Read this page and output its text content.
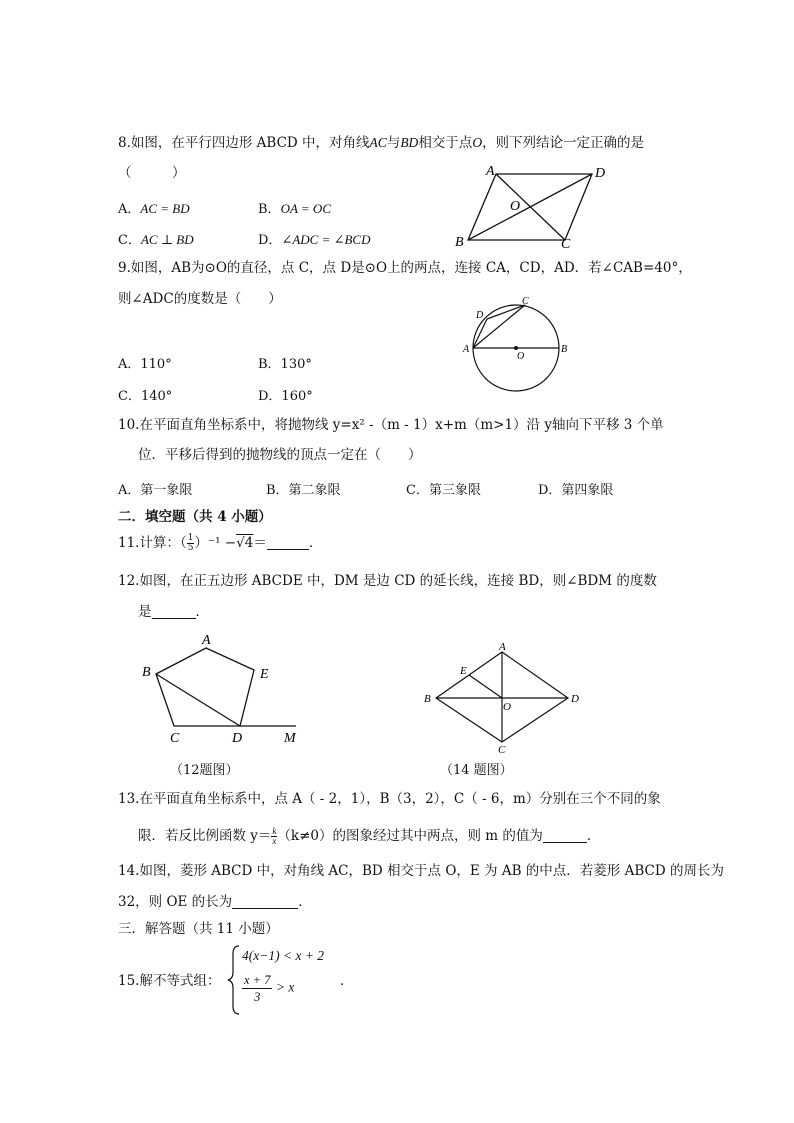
8.如图，在平行四边形 ABCD 中，对角线AC与BD相交于点O，则下列结论一定正确的是
（　　　）
A．AC = BD	B．OA = OC
C．AC ⊥ BD	D．∠ADC = ∠BCD
A	D
B	C
O
9.如图，AB为⊙O的直径，点 C，点 D是⊙O上的两点，连接 CA，CD，AD．若∠CAB=40°，
则∠ADC的度数是（　　）
A	B
C
D
O
A．110°	B．130°
C．140°	D．160°
10.在平面直角坐标系中，将抛物线 y=x² -（m - 1）x+m（m>1）沿 y轴向下平移 3 个单
位．平移后得到的抛物线的顶点一定在（　　）
A．第一象限	B．第二象限	C．第三象限	D．第四象限
二．填空题（共 4 小题）
11.计算：（ $\frac{1}{5} )^{-1} -√4=$	．
12.如图，在正五边形 ABCDE 中，DM 是边 CD 的延长线，连接 BD，则∠BDM 的度数
是	．
A
B	E
C	D	M
（12题图）
A
B
C
D
E
O
（14 题图）
13.在平面直角坐标系中，点 A（ - 2，1），B（3，2），C（ - 6，m）分别在三个不同的象
限．若反比例函数 $y= \frac{k}{x} (k\ne 0)$的图象经过其中两点，则 m 的值为	．
14.如图，菱形 ABCD 中，对角线 AC，BD 相交于点 O，E 为 AB 的中点．若菱形 ABCD 的周长为
32，则 OE 的长为	．
三．解答题（共 11 小题）
15.解不等式组：
4(x−1) < x + 2
$\frac{x + 7}{3} > x$	．
